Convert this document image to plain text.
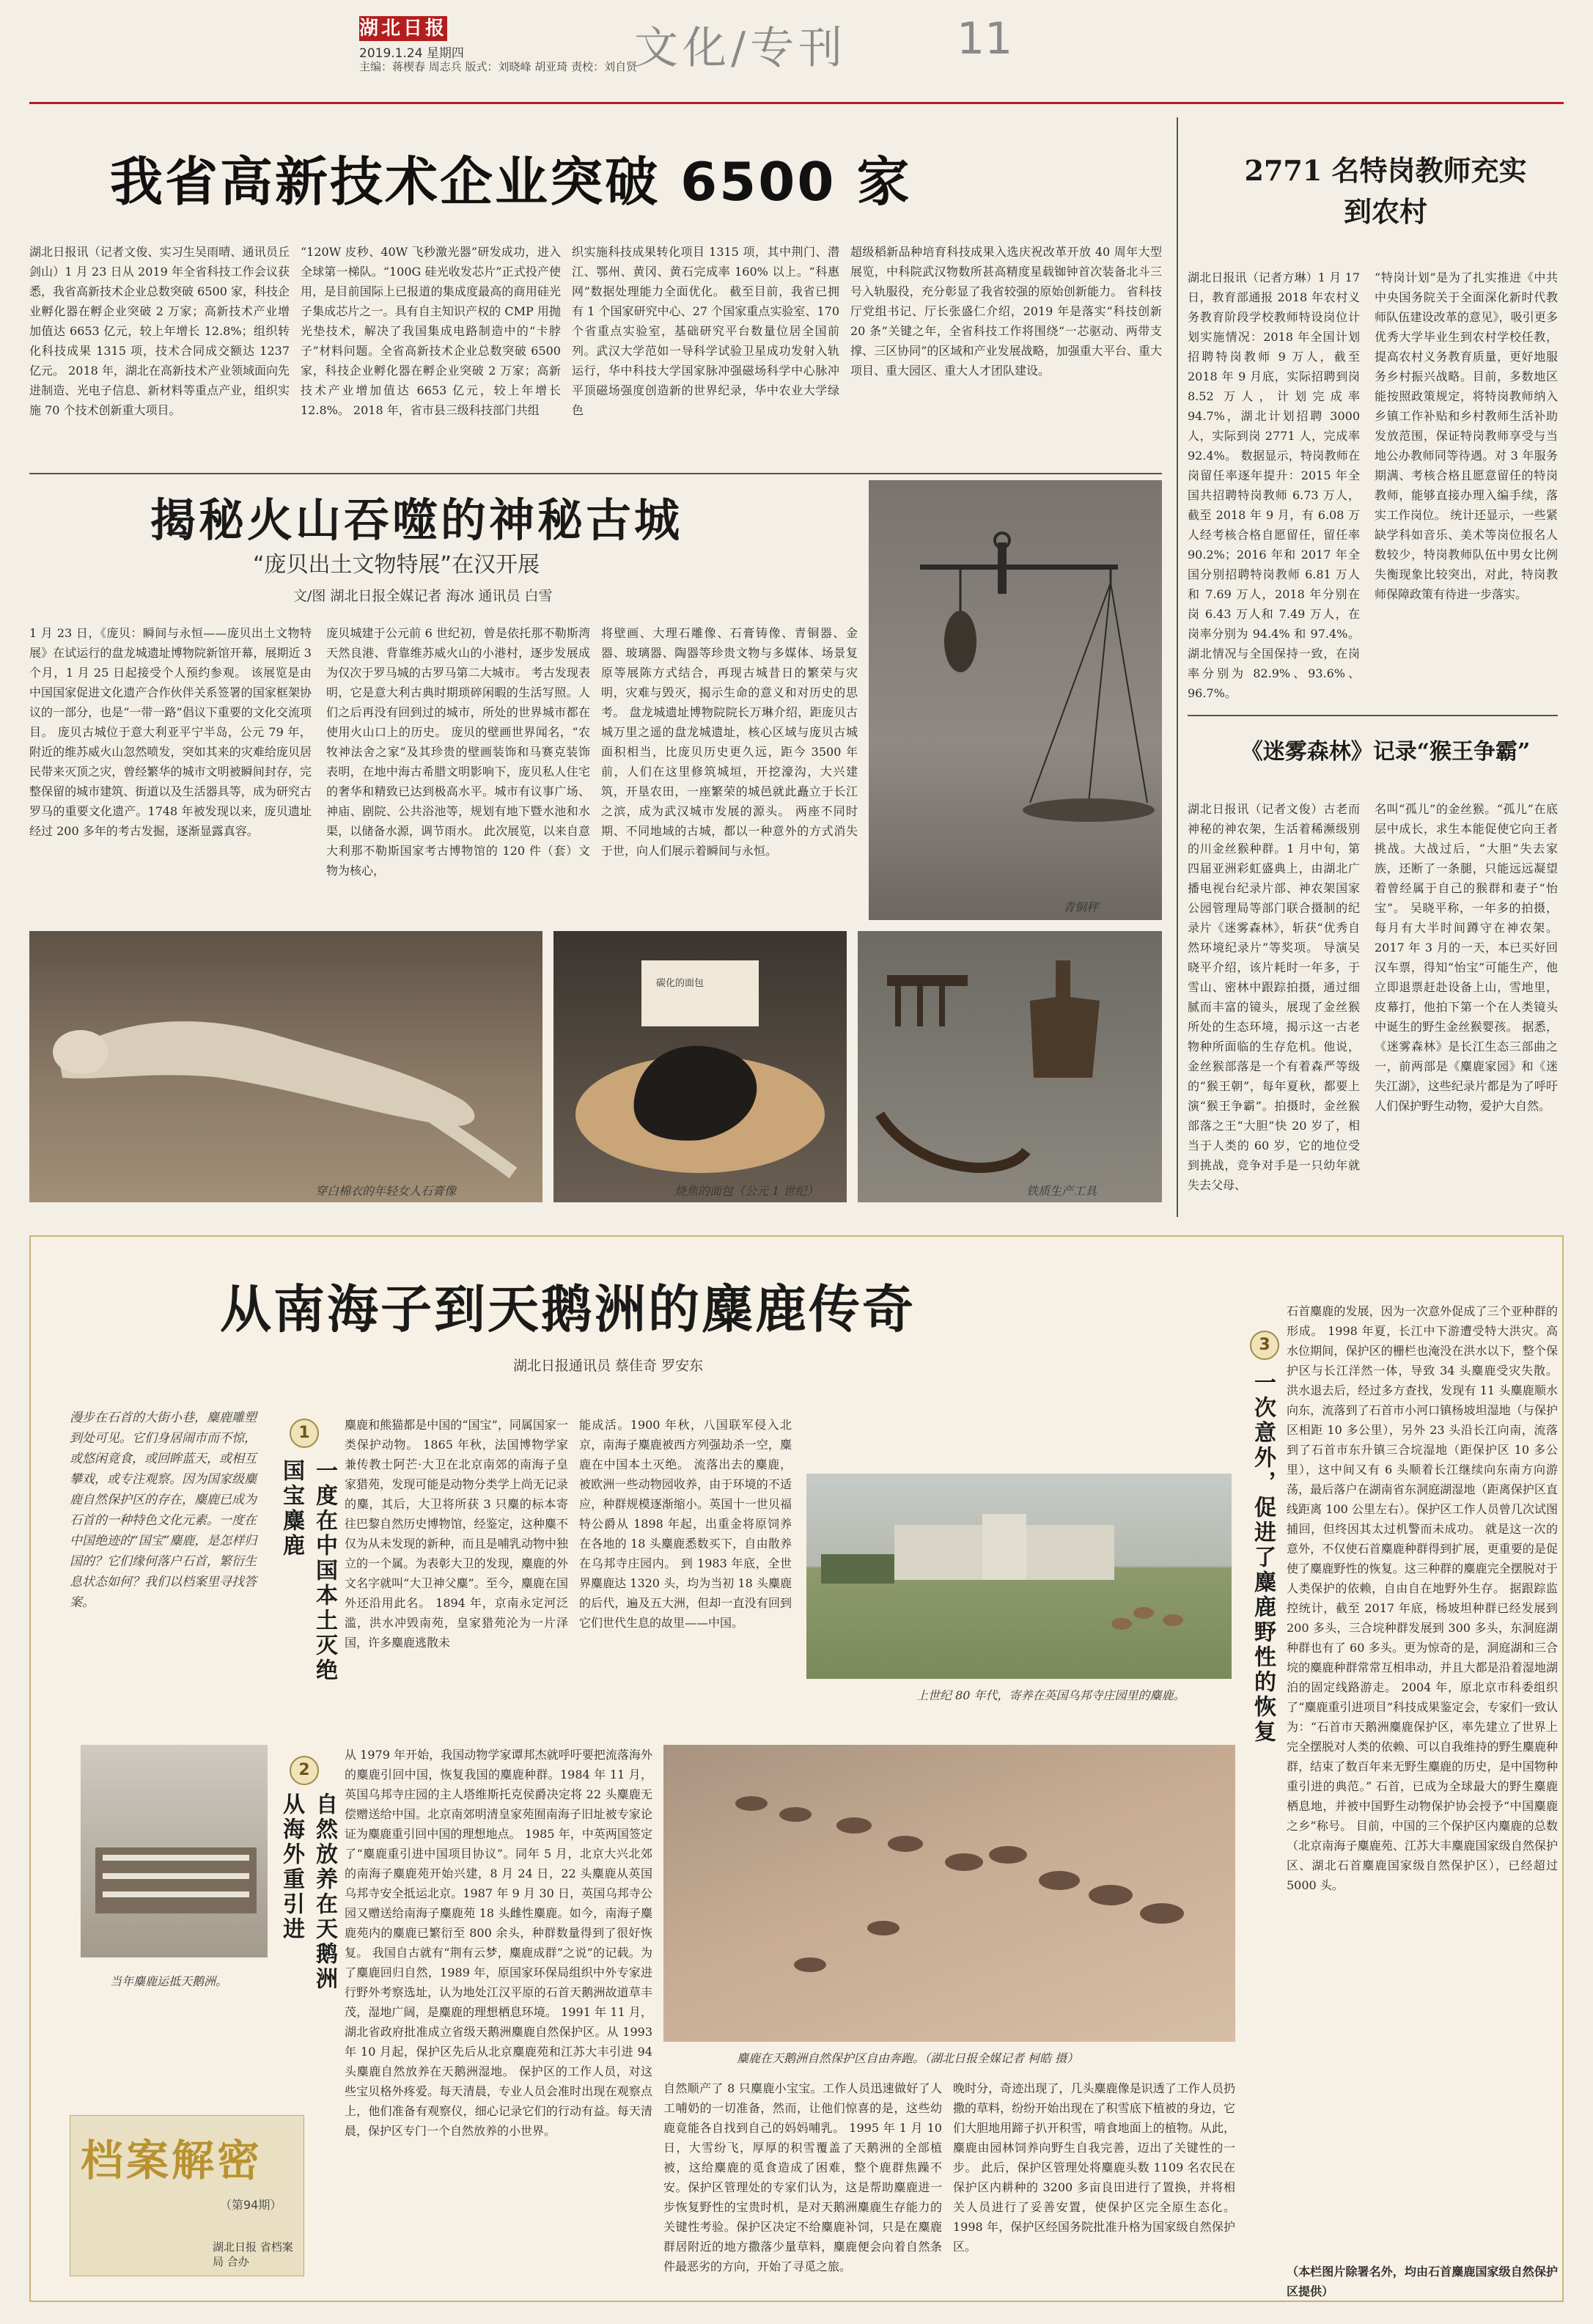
湖北日报
2019.1.24 星期四
主编：蒋楔春 周志兵 版式：刘晓峰 胡亚琦 责校：刘自贤
文化/专刊 11
我省高新技术企业突破 6500 家
湖北日报讯（记者文俊、实习生吴雨晴、通讯员丘剑山）1 月 23 日从 2019 年全省科技工作会议获悉，我省高新技术企业总数突破 6500 家，科技企业孵化器在孵企业突破 2 万家；高新技术产业增加值达 6653 亿元，较上年增长 12.8%；组织转化科技成果 1315 项，技术合同成交额达 1237 亿元。 2018 年，湖北在高新技术产业领域面向先进制造、光电子信息、新材料等重点产业，组织实施 70 个技术创新重大项目。
“120W 皮秒、40W 飞秒激光器”研发成功，进入全球第一梯队。“100G 硅光收发芯片”正式投产使用，是目前国际上已报道的集成度最高的商用硅光子集成芯片之一。具有自主知识产权的 CMP 用抛光垫技术，解决了我国集成电路制造中的“卡脖子”材料问题。全省高新技术企业总数突破 6500 家，科技企业孵化器在孵企业突破 2 万家；高新技术产业增加值达 6653 亿元，较上年增长 12.8%。 2018 年，省市县三级科技部门共组
织实施科技成果转化项目 1315 项，其中荆门、潜江、鄂州、黄冈、黄石完成率 160% 以上。“科惠网”数据处理能力全面优化。 截至目前，我省已拥有 1 个国家研究中心、27 个国家重点实验室、170 个省重点实验室，基础研究平台数量位居全国前列。武汉大学范如一导科学试验卫星成功发射入轨运行，华中科技大学国家脉冲强磁场科学中心脉冲平顶磁场强度创造新的世界纪录，华中农业大学绿色
超级稻新品种培育科技成果入选庆祝改革开放 40 周年大型展览，中科院武汉物数所甚高精度星载铷钟首次装备北斗三号入轨服役，充分彰显了我省较强的原始创新能力。 省科技厅党组书记、厅长张盛仁介绍，2019 年是落实“科技创新 20 条”关键之年，全省科技工作将围绕“一芯驱动、两带支撑、三区协同”的区域和产业发展战略，加强重大平台、重大项目、重大园区、重大人才团队建设。
2771 名特岗教师充实到农村
湖北日报讯（记者方琳）1 月 17 日，教育部通报 2018 年农村义务教育阶段学校教师特设岗位计划实施情况：2018 年全国计划招聘特岗教师 9 万人，截至 2018 年 9 月底，实际招聘到岗 8.52 万人，计划完成率 94.7%，湖北计划招聘 3000 人，实际到岗 2771 人，完成率 92.4%。 数据显示，特岗教师在岗留任率逐年提升：2015 年全国共招聘特岗教师 6.73 万人，截至 2018 年 9 月，有 6.08 万人经考核合格自愿留任，留任率 90.2%；2016 年和 2017 年全国分别招聘特岗教师 6.81 万人和 7.69 万人，2018 年分别在岗 6.43 万人和 7.49 万人，在岗率分别为 94.4% 和 97.4%。湖北情况与全国保持一致，在岗率分别为 82.9%、93.6%、96.7%。
“特岗计划”是为了扎实推进《中共中央国务院关于全面深化新时代教师队伍建设改革的意见》，吸引更多优秀大学毕业生到农村学校任教，提高农村义务教育质量，更好地服务乡村振兴战略。目前，多数地区能按照政策规定，将特岗教师纳入乡镇工作补贴和乡村教师生活补助发放范围，保证特岗教师享受与当地公办教师同等待遇。对 3 年服务期满、考核合格且愿意留任的特岗教师，能够直接办理入编手续，落实工作岗位。 统计还显示，一些紧缺学科如音乐、美术等岗位报名人数较少，特岗教师队伍中男女比例失衡现象比较突出，对此，特岗教师保障政策有待进一步落实。
《迷雾森林》记录“猴王争霸”
湖北日报讯（记者文俊）古老而神秘的神农架，生活着稀濒级别的川金丝猴种群。1 月中旬，第四届亚洲彩虹盛典上，由湖北广播电视台纪录片部、神农架国家公园管理局等部门联合摄制的纪录片《迷雾森林》，斩获“优秀自然环境纪录片”等奖项。 导演吴晓平介绍，该片耗时一年多，于雪山、密林中跟踪拍摄，通过细腻而丰富的镜头，展现了金丝猴所处的生态环境，揭示这一古老物种所面临的生存危机。他说，金丝猴部落是一个有着森严等级的“猴王朝”，每年夏秋，都要上演“猴王争霸”。拍摄时，金丝猴部落之王“大胆”快 20 岁了，相当于人类的 60 岁，它的地位受到挑战，竞争对手是一只幼年就失去父母、
名叫“孤儿”的金丝猴。“孤儿”在底层中成长，求生本能促使它向王者挑战。大战过后，“大胆”失去家族，还断了一条腿，只能远远凝望着曾经属于自己的猴群和妻子“怡宝”。 吴晓平称，一年多的拍摄，每月有大半时间蹲守在神农架。2017 年 3 月的一天，本已买好回汉车票，得知“怡宝”可能生产，他立即退票赶赴设备上山，雪地里，皮幕打，他拍下第一个在人类镜头中诞生的野生金丝猴婴孩。 据悉，《迷雾森林》是长江生态三部曲之一，前两部是《麋鹿家园》和《迷失江湖》，这些纪录片都是为了呼吁人们保护野生动物，爱护大自然。
揭秘火山吞噬的神秘古城
“庞贝出土文物特展”在汉开展
文/图 湖北日报全媒记者 海冰 通讯员 白雪
1 月 23 日，《庞贝：瞬间与永恒——庞贝出土文物特展》在试运行的盘龙城遗址博物院新馆开幕，展期近 3 个月，1 月 25 日起接受个人预约参观。 该展览是由中国国家促进文化遗产合作伙伴关系签署的国家框架协议的一部分，也是“一带一路”倡议下重要的文化交流项目。 庞贝古城位于意大利亚平宁半岛，公元 79 年，附近的维苏威火山忽然喷发，突如其来的灾难给庞贝居民带来灭顶之灾，曾经繁华的城市文明被瞬间封存，完整保留的城市建筑、街道以及生活器具等，成为研究古罗马的重要文化遗产。1748 年被发现以来，庞贝遗址经过 200 多年的考古发掘，逐渐显露真容。
庞贝城建于公元前 6 世纪初，曾是依托那不勒斯湾天然良港、背靠维苏威火山的小港村，逐步发展成为仅次于罗马城的古罗马第二大城市。 考古发现表明，它是意大利古典时期琐碎闲暇的生活写照。人们之后再没有回到过的城市，所处的世界城市都在使用火山口上的历史。 庞贝的壁画世界闻名，“农牧神法舍之家”及其珍贵的壁画装饰和马赛克装饰表明，在地中海古希腊文明影响下，庞贝私人住宅的奢华和精致已达到极高水平。城市有议事广场、神庙、剧院、公共浴池等，规划有地下暨水池和水渠，以储备水源，调节雨水。 此次展览，以来自意大利那不勒斯国家考古博物馆的 120 件（套）文物为核心，
将壁画、大理石雕像、石膏铸像、青铜器、金器、玻璃器、陶器等珍贵文物与多媒体、场景复原等展陈方式结合，再现古城昔日的繁荣与灾明，灾难与毁灭，揭示生命的意义和对历史的思考。 盘龙城遗址博物院院长万琳介绍，距庞贝古城万里之遥的盘龙城遗址，核心区域与庞贝古城面积相当，比庞贝历史更久远，距今 3500 年前，人们在这里修筑城垣，开挖濠沟，大兴建筑，开垦农田，一座繁荣的城邑就此矗立于长江之滨，成为武汉城市发展的源头。 两座不同时期、不同地域的古城，都以一种意外的方式消失于世，向人们展示着瞬间与永恒。
青铜秤
穿白棉衣的年轻女人石膏像
碳化的面包
烧焦的面包（公元 1 世纪）	铁质生产工具
从南海子到天鹅洲的麋鹿传奇
湖北日报通讯员 蔡佳奇 罗安东
漫步在石首的大街小巷，麋鹿雕塑到处可见。它们身居闹市而不惊，或悠闲竟食，或回眸蓝天，或相互攀戏，或专注观察。因为国家级麋鹿自然保护区的存在，麋鹿已成为石首的一种特色文化元素。一度在中国绝迹的“国宝”麋鹿，是怎样归国的？它们缘何落户石首，繁衍生息状态如何？我们以档案里寻找答案。
1
国宝麋鹿 一度在中国本土灭绝
麋鹿和熊猫都是中国的“国宝”，同属国家一类保护动物。 1865 年秋，法国博物学家兼传教士阿芒·大卫在北京南郊的南海子皇家猎苑，发现可能是动物分类学上尚无记录的麋，其后，大卫将所获 3 只麋的标本寄往巴黎自然历史博物馆，经鉴定，这种麋不仅为从未发现的新种，而且是哺乳动物中独立的一个属。为表彰大卫的发现，麋鹿的外文名字就叫“大卫神父麋”。至今，麋鹿在国外还沿用此名。 1894 年，京南永定河泛滥，洪水冲毁南苑，皇家猎苑沦为一片泽国，许多麋鹿逃散未
能成活。1900 年秋，八国联军侵入北京，南海子麋鹿被西方列强劫杀一空，麋鹿在中国本土灭绝。 流落出去的麋鹿，被欧洲一些动物园收养，由于环境的不适应，种群规模逐渐缩小。英国十一世贝福特公爵从 1898 年起，出重金将原饲养在各地的 18 头麋鹿悉数买下，自由散养在乌邦寺庄园内。 到 1983 年底，全世界麋鹿达 1320 头，均为当初 18 头麋鹿的后代，遍及五大洲，但却一直没有回到它们世代生息的故里——中国。
上世纪 80 年代，寄养在英国乌邦寺庄园里的麋鹿。
2
自然放养在天鹅洲
从海外重引进
从 1979 年开始，我国动物学家谭邦杰就呼吁要把流落海外的麋鹿引回中国，恢复我国的麋鹿种群。1984 年 11 月，英国乌邦寺庄园的主人塔维斯托克侯爵决定将 22 头麋鹿无偿赠送给中国。北京南郊明清皇家苑囿南海子旧址被专家论证为麋鹿重引回中国的理想地点。 1985 年，中英两国签定了“麋鹿重引进中国项目协议”。同年 5 月，北京大兴北郊的南海子麋鹿苑开始兴建，8 月 24 日，22 头麋鹿从英国乌邦寺安全抵运北京。1987 年 9 月 30 日，英国乌邦寺公园又赠送给南海子麋鹿苑 18 头雌性麋鹿。如今，南海子麋鹿苑内的麋鹿已繁衍至 800 余头，种群数量得到了很好恢复。 我国自古就有“荆有云梦，麋鹿成群”之说”的记载。为了麋鹿回归自然，1989 年，原国家环保局组织中外专家进行野外考察选址，认为地处江汉平原的石首天鹅洲故道草丰茂，湿地广阔，是麋鹿的理想栖息环境。 1991 年 11 月，湖北省政府批准成立省级天鹅洲麋鹿自然保护区。从 1993 年 10 月起，保护区先后从北京麋鹿苑和江苏大丰引进 94 头麋鹿自然放养在天鹅洲湿地。 保护区的工作人员，对这些宝贝格外疼爱。每天清晨，专业人员会准时出现在观察点上，他们准备有观察仪，细心记录它们的行动有益。每天清晨，保护区专门一个自然放养的小世界。
当年麋鹿运抵天鹅洲。
麋鹿在天鹅洲自然保护区自由奔跑。（湖北日报全媒记者 柯皓 摄）
自然顺产了 8 只麋鹿小宝宝。工作人员迅速做好了人工哺奶的一切准备，然而，让他们惊喜的是，这些幼鹿竟能各自找到自己的妈妈哺乳。 1995 年 1 月 10 日，大雪纷飞，厚厚的积雪覆盖了天鹅洲的全部植被，这给麋鹿的觅食造成了困难，整个鹿群焦躁不安。保护区管理处的专家们认为，这是帮助麋鹿进一步恢复野性的宝贵时机，是对天鹅洲麋鹿生存能力的关键性考验。保护区决定不给麋鹿补饲，只是在麋鹿群居附近的地方撒落少量草料，麋鹿便会向着自然条件最恶劣的方向，开始了寻觅之旅。
晚时分，奇迹出现了，几头麋鹿像是识透了工作人员扔撒的草料，纷纷开始出现在了积雪底下植被的身边，它们大胆地用蹄子扒开积雪，啃食地面上的植物。从此，麋鹿由园林饲养向野生自我完善，迈出了关键性的一步。 此后，保护区管理处将麋鹿头数 1109 名农民在保护区内耕种的 3200 多亩良田进行了置换，并将相关人员进行了妥善安置，使保护区完全原生态化。1998 年，保护区经国务院批准升格为国家级自然保护区。
3
一次意外，促进了麋鹿野性的恢复
石首麋鹿的发展，因为一次意外促成了三个亚种群的形成。 1998 年夏，长江中下游遭受特大洪灾。高水位期间，保护区的栅栏也淹没在洪水以下，整个保护区与长江洋然一体，导致 34 头麋鹿受灾失散。 洪水退去后，经过多方查找，发现有 11 头麋鹿顺水向东，流落到了石首市小河口镇杨坡坦湿地（与保护区相距 10 多公里），另外 23 头沿长江向南，流落到了石首市东升镇三合垸湿地（距保护区 10 多公里），这中间又有 6 头顺着长江继续向东南方向游荡，最后落户在湖南省东洞庭湖湿地（距离保护区直线距离 100 公里左右）。保护区工作人员曾几次试图捕回，但终因其太过机警而未成功。 就是这一次的意外，不仅使石首麋鹿种群得到扩展，更重要的是促使了麋鹿野性的恢复。这三种群的麋鹿完全摆脱对于人类保护的依赖，自由自在地野外生存。 据跟踪监控统计，截至 2017 年底，杨坡坦种群已经发展到 200 多头，三合垸种群发展到 300 多头，东洞庭湖种群也有了 60 多头。更为惊奇的是，洞庭湖和三合垸的麋鹿种群常常互相串动，并且大都是沿着湿地湖泊的固定线路游走。 2004 年，原北京市科委组织了“麋鹿重引进项目”科技成果鉴定会，专家们一致认为：“石首市天鹅洲麋鹿保护区，率先建立了世界上完全摆脱对人类的依赖、可以自我维持的野生麋鹿种群，结束了数百年来无野生麋鹿的历史，是中国物种重引进的典范。” 石首，已成为全球最大的野生麋鹿栖息地，并被中国野生动物保护协会授予“中国麋鹿之乡”称号。 目前，中国的三个保护区内麋鹿的总数（北京南海子麋鹿苑、江苏大丰麋鹿国家级自然保护区、湖北石首麋鹿国家级自然保护区），已经超过 5000 头。
（本栏图片除署名外，均由石首麋鹿国家级自然保护区提供）
档案解密
（第94期）
湖北日报 省档案局 合办
